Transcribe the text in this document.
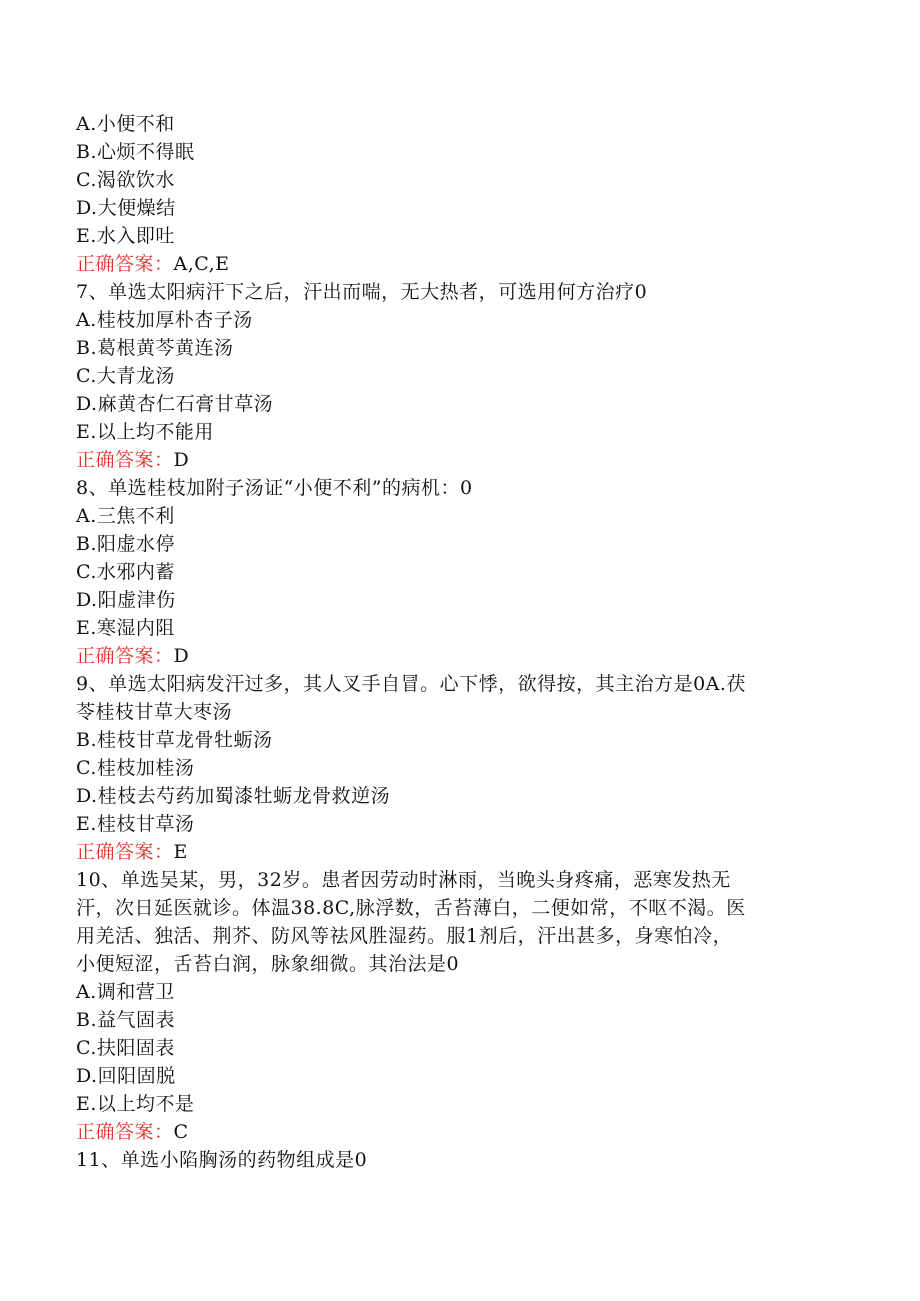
A.小便不和
B.心烦不得眠
C.渴欲饮水
D.大便燥结
E.水入即吐
正确答案：A,C,E
7、单选太阳病汗下之后，汗出而喘，无大热者，可选用何方治疗0
A.桂枝加厚朴杏子汤
B.葛根黄芩黄连汤
C.大青龙汤
D.麻黄杏仁石膏甘草汤
E.以上均不能用
正确答案：D
8、单选桂枝加附子汤证“小便不利”的病机：0
A.三焦不利
B.阳虚水停
C.水邪内蓄
D.阳虚津伤
E.寒湿内阻
正确答案：D
9、单选太阳病发汗过多，其人叉手自冒。心下悸，欲得按，其主治方是0A.茯
苓桂枝甘草大枣汤
B.桂枝甘草龙骨牡蛎汤
C.桂枝加桂汤
D.桂枝去芍药加蜀漆牡蛎龙骨救逆汤
E.桂枝甘草汤
正确答案：E
10、单选吴某，男，32岁。患者因劳动时淋雨，当晚头身疼痛，恶寒发热无
汗，次日延医就诊。体温38.8C,脉浮数，舌苔薄白，二便如常，不呕不渴。医
用羌活、独活、荆芥、防风等祛风胜湿药。服1剂后，汗出甚多，身寒怕冷，
小便短涩，舌苔白润，脉象细微。其治法是0
A.调和营卫
B.益气固表
C.扶阳固表
D.回阳固脱
E.以上均不是
正确答案：C
11、单选小陷胸汤的药物组成是0
